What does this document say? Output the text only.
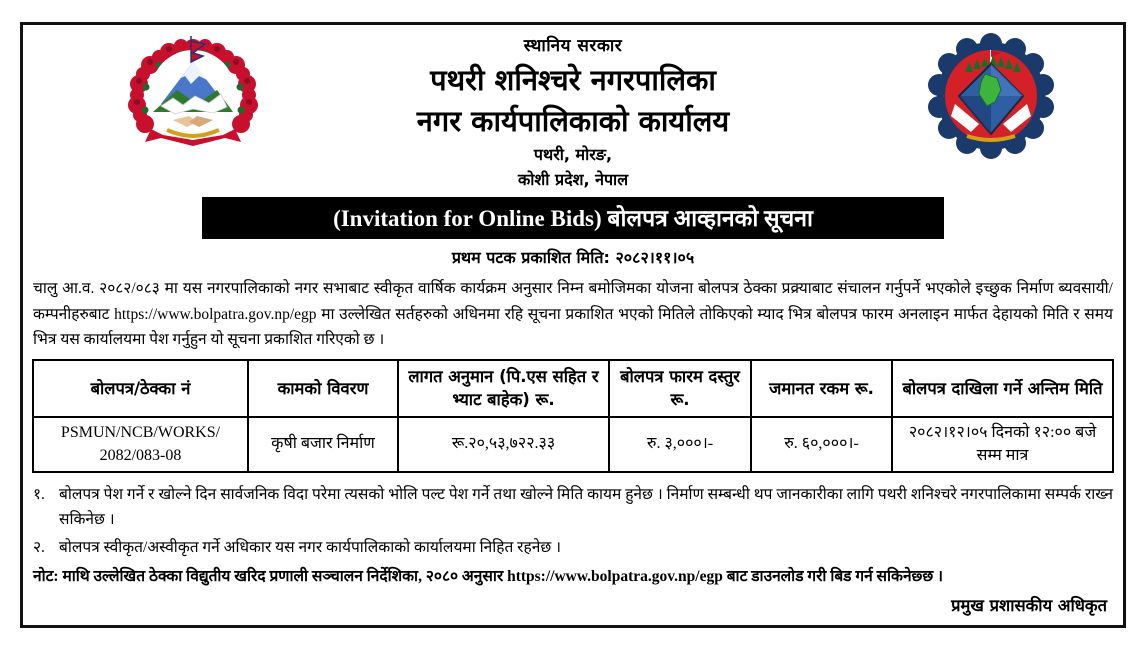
स्थानिय सरकार
पथरी शनिश्चरे नगरपालिका
नगर कार्यपालिकाको कार्यालय
पथरी, मोरङ,
कोशी प्रदेश, नेपाल
(Invitation for Online Bids) बोलपत्र आव्हानको सूचना
प्रथम पटक प्रकाशित मिति: २०८२।११।०५

चालु आ.व. २०८२/०८३ मा यस नगरपालिकाको नगर सभाबाट स्वीकृत वार्षिक कार्यक्रम अनुसार निम्न बमोजिमका योजना बोलपत्र ठेक्का प्रक्र्याबाट संचालन गर्नुपर्ने भएकोले इच्छुक निर्माण ब्यवसायी/कम्पनीहरुबाट https://www.bolpatra.gov.np/egp मा उल्लेखित सर्तहरुको अधिनमा रहि सूचना प्रकाशित भएको मितिले तोकिएको म्याद भित्र बोलपत्र फारम अनलाइन मार्फत देहायको मिति र समय भित्र यस कार्यालयमा पेश गर्नुहुन यो सूचना प्रकाशित गरिएको छ ।

बोलपत्र/ठेक्का नं	कामको विवरण	लागत अनुमान (पि.एस सहित र भ्याट बाहेक) रू.	बोलपत्र फारम दस्तुर रू.	जमानत रकम रू.	बोलपत्र दाखिला गर्ने अन्तिम मिति
PSMUN/NCB/WORKS/ 2082/083-08	कृषी बजार निर्माण	रू.२०,५३,७२२.३३	रु. ३,०००।-	रु. ६०,०००।-	२०८२।१२।०५ दिनको १२:०० बजे सम्म मात्र
१. बोलपत्र पेश गर्ने र खोल्ने दिन सार्वजनिक विदा परेमा त्यसको भोलि पल्ट पेश गर्ने तथा खोल्ने मिति कायम हुनेछ । निर्माण सम्बन्धी थप जानकारीका लागि पथरी शनिश्चरे नगरपालिकामा सम्पर्क राख्न सकिनेछ ।
२. बोलपत्र स्वीकृत/अस्वीकृत गर्ने अधिकार यस नगर कार्यपालिकाको कार्यालयमा निहित रहनेछ ।
नोट: माथि उल्लेखित ठेक्का विद्युतीय खरिद प्रणाली सञ्चालन निर्देशिका, २०८० अनुसार https://www.bolpatra.gov.np/egp बाट डाउनलोड गरी बिड गर्न सकिनेछ्छ ।
प्रमुख प्रशासकीय अधिकृत
